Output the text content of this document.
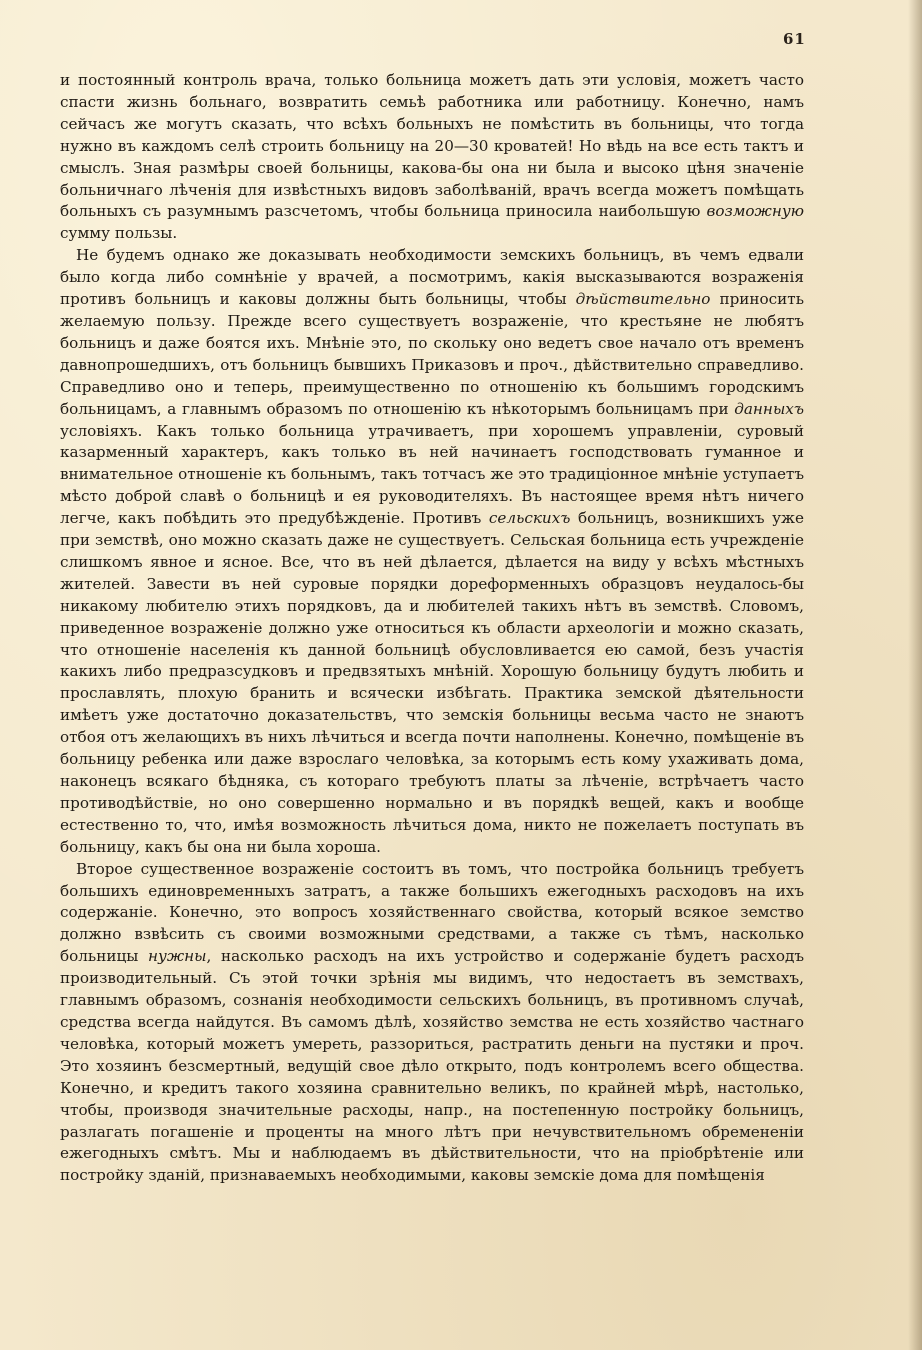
61

и постоянный контроль врача, только больница можетъ дать эти условія, можетъ часто спасти жизнь больнаго, возвратить семьѣ работника или работницу. Конечно, намъ сейчасъ же могутъ сказать, что всѣхъ больныхъ не помѣстить въ больницы, что тогда нужно въ каждомъ селѣ строить больницу на 20—30 кроватей! Но вѣдь на все есть тактъ и смыслъ. Зная размѣры своей больницы, какова-бы она ни была и высоко цѣня значеніе больничнаго лѣченія для извѣстныхъ видовъ заболѣваній, врачъ всегда можетъ помѣщать больныхъ съ разумнымъ разсчетомъ, чтобы больница приносила наибольшую возможную сумму пользы.

Не будемъ однако же доказывать необходимости земскихъ больницъ, въ чемъ едвали было когда либо сомнѣніе у врачей, а посмотримъ, какія высказываются возраженія противъ больницъ и каковы должны быть больницы, чтобы дѣйствительно приносить желаемую пользу. Прежде всего существуетъ возраженіе, что крестьяне не любятъ больницъ и даже боятся ихъ. Мнѣніе это, по скольку оно ведетъ свое начало отъ временъ давнопрошедшихъ, отъ больницъ бывшихъ Приказовъ и проч., дѣйствительно справедливо. Справедливо оно и теперь, преимущественно по отношенію къ большимъ городскимъ больницамъ, а главнымъ образомъ по отношенію къ нѣкоторымъ больницамъ при данныхъ условіяхъ. Какъ только больница утрачиваетъ, при хорошемъ управленіи, суровый казарменный характеръ, какъ только въ ней начинаетъ господствовать гуманное и внимательное отношеніе къ больнымъ, такъ тотчасъ же это традиціонное мнѣніе уступаетъ мѣсто доброй славѣ о больницѣ и ея руководителяхъ. Въ настоящее время нѣтъ ничего легче, какъ побѣдить это предубѣжденіе. Противъ сельскихъ больницъ, возникшихъ уже при земствѣ, оно можно сказать даже не существуетъ. Сельская больница есть учрежденіе слишкомъ явное и ясное. Все, что въ ней дѣлается, дѣлается на виду у всѣхъ мѣстныхъ жителей. Завести въ ней суровые порядки дореформенныхъ образцовъ неудалось-бы никакому любителю этихъ порядковъ, да и любителей такихъ нѣтъ въ земствѣ. Словомъ, приведенное возраженіе должно уже относиться къ области археологіи и можно сказать, что отношеніе населенія къ данной больницѣ обусловливается ею самой, безъ участія какихъ либо предразсудковъ и предвзятыхъ мнѣній. Хорошую больницу будутъ любить и прославлять, плохую бранить и всячески избѣгать. Практика земской дѣятельности имѣетъ уже достаточно доказательствъ, что земскія больницы весьма часто не знаютъ отбоя отъ желающихъ въ нихъ лѣчиться и всегда почти наполнены. Конечно, помѣщеніе въ больницу ребенка или даже взрослаго человѣка, за которымъ есть кому ухаживать дома, наконецъ всякаго бѣдняка, съ котораго требуютъ платы за лѣченіе, встрѣчаетъ часто противодѣйствіе, но оно совершенно нормально и въ порядкѣ вещей, какъ и вообще естественно то, что, имѣя возможность лѣчиться дома, никто не пожелаетъ поступать въ больницу, какъ бы она ни была хороша.

Второе существенное возраженіе состоитъ въ томъ, что постройка больницъ требуетъ большихъ единовременныхъ затратъ, а также большихъ ежегодныхъ расходовъ на ихъ содержаніе. Конечно, это вопросъ хозяйственнаго свойства, который всякое земство должно взвѣсить съ своими возможными средствами, а также съ тѣмъ, насколько больницы нужны, насколько расходъ на ихъ устройство и содержаніе будетъ расходъ производительный. Съ этой точки зрѣнія мы видимъ, что недостаетъ въ земствахъ, главнымъ образомъ, сознанія необходимости сельскихъ больницъ, въ противномъ случаѣ, средства всегда найдутся. Въ самомъ дѣлѣ, хозяйство земства не есть хозяйство частнаго человѣка, который можетъ умереть, раззориться, растратить деньги на пустяки и проч. Это хозяинъ безсмертный, ведущій свое дѣло открыто, подъ контролемъ всего общества. Конечно, и кредитъ такого хозяина сравнительно великъ, по крайней мѣрѣ, настолько, чтобы, производя значительные расходы, напр., на постепенную постройку больницъ, разлагать погашеніе и проценты на много лѣтъ при нечувствительномъ обремененіи ежегодныхъ смѣтъ. Мы и наблюдаемъ въ дѣйствительности, что на пріобрѣтеніе или постройку зданій, признаваемыхъ необходимыми, каковы земскіе дома для помѣщенія
